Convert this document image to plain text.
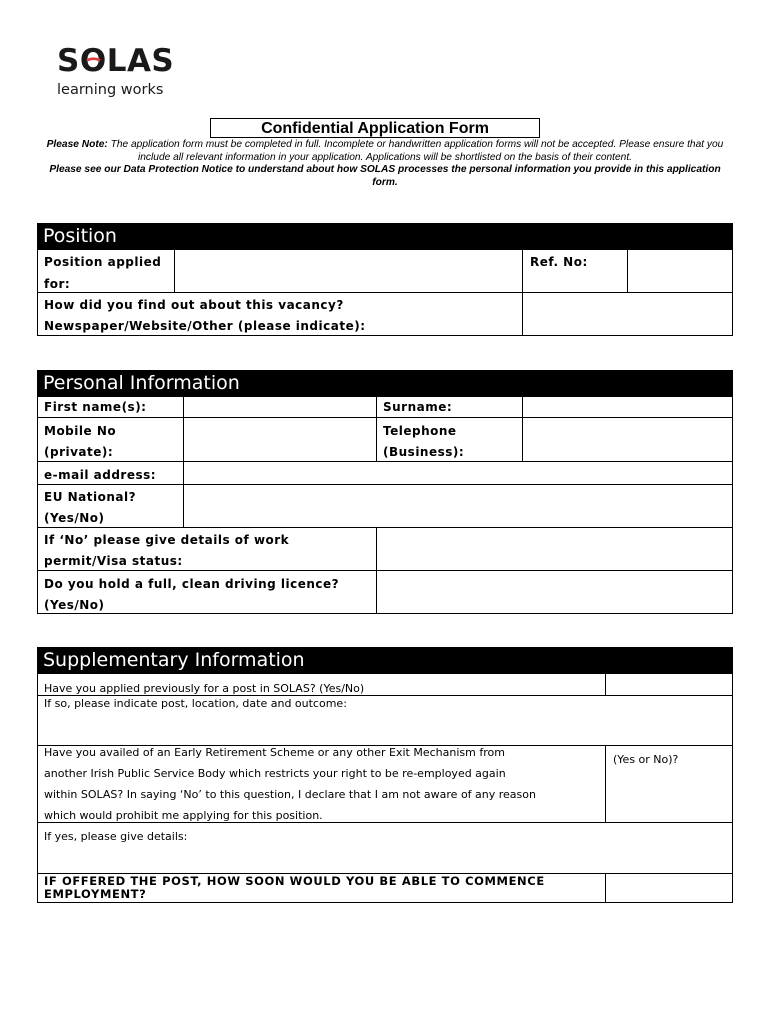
SO
LAS
learning works
Confidential Application Form
Please Note: The application form must be completed in full. Incomplete or handwritten application forms will not be accepted. Please ensure that you include all relevant information in your application. Applications will be shortlisted on the basis of their content.
Please see our Data Protection Notice to understand about how SOLAS processes the personal information you provide in this application form.
Position
Position applied
for:
Ref. No:
How did you find out about this vacancy?
Newspaper/Website/Other (please indicate):
Personal Information
First name(s):	Surname:
Mobile No
(private):
Telephone
(Business):
e-mail address:
EU National?
(Yes/No)
If ‘No’ please give details of work
permit/Visa status:
Do you hold a full, clean driving licence?
(Yes/No)
Supplementary Information
Have you applied previously for a post in SOLAS? (Yes/No)
If so, please indicate post, location, date and outcome:
Have you availed of an Early Retirement Scheme or any other Exit Mechanism from
another Irish Public Service Body which restricts your right to be re-employed again
within SOLAS? In saying ‘No’ to this question, I declare that I am not aware of any reason
which would prohibit me applying for this position.
(Yes or No)?
If yes, please give details:
IF OFFERED THE POST, HOW SOON WOULD YOU BE ABLE TO COMMENCE
EMPLOYMENT?
